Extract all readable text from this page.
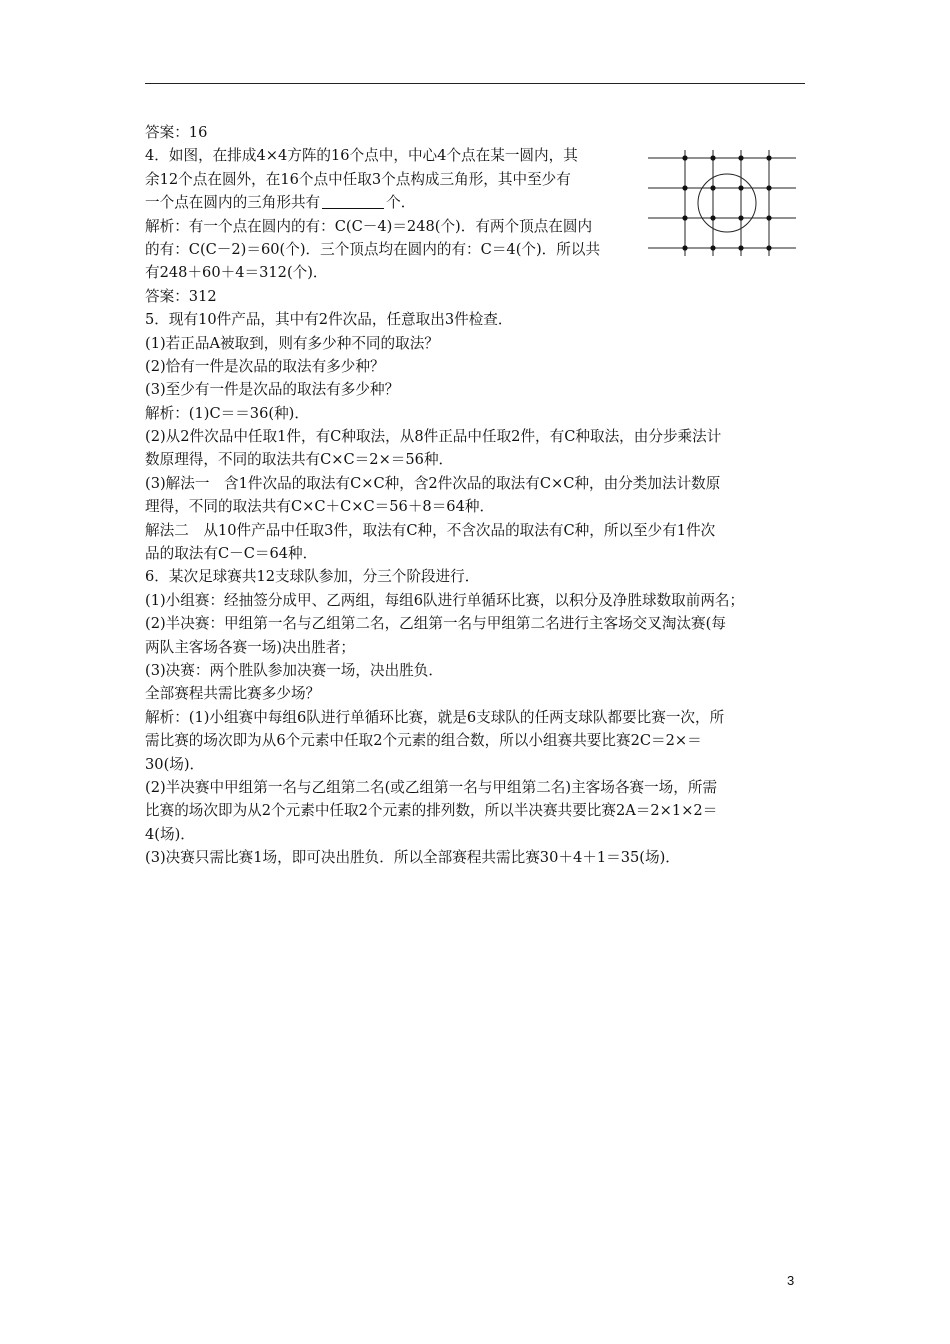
答案：16
4．如图，在排成4×4方阵的16个点中，中心4个点在某一圆内，其
余12个点在圆外，在16个点中任取3个点构成三角形，其中至少有
一个点在圆内的三角形共有	个．
解析：有一个点在圆内的有：C(C－4)＝248(个)．有两个顶点在圆内
的有：C(C－2)＝60(个)．三个顶点均在圆内的有：C＝4(个)．所以共
有248＋60＋4＝312(个)．
答案：312
5．现有10件产品，其中有2件次品，任意取出3件检查．
(1)若正品A被取到，则有多少种不同的取法？
(2)恰有一件是次品的取法有多少种？
(3)至少有一件是次品的取法有多少种？
解析：(1)C＝＝36(种)．
(2)从2件次品中任取1件，有C种取法，从8件正品中任取2件，有C种取法，由分步乘法计
数原理得，不同的取法共有C×C＝2×＝56种．
(3)解法一　含1件次品的取法有C×C种，含2件次品的取法有C×C种，由分类加法计数原
理得，不同的取法共有C×C＋C×C＝56＋8＝64种．
解法二　从10件产品中任取3件，取法有C种，不含次品的取法有C种，所以至少有1件次
品的取法有C－C＝64种．
6．某次足球赛共12支球队参加，分三个阶段进行．
(1)小组赛：经抽签分成甲、乙两组，每组6队进行单循环比赛，以积分及净胜球数取前两名；
(2)半决赛：甲组第一名与乙组第二名，乙组第一名与甲组第二名进行主客场交叉淘汰赛(每
两队主客场各赛一场)决出胜者；
(3)决赛：两个胜队参加决赛一场，决出胜负．
全部赛程共需比赛多少场？
解析：(1)小组赛中每组6队进行单循环比赛，就是6支球队的任两支球队都要比赛一次，所
需比赛的场次即为从6个元素中任取2个元素的组合数，所以小组赛共要比赛2C＝2×＝
30(场)．
(2)半决赛中甲组第一名与乙组第二名(或乙组第一名与甲组第二名)主客场各赛一场，所需
比赛的场次即为从2个元素中任取2个元素的排列数，所以半决赛共要比赛2A＝2×1×2＝
4(场)．
(3)决赛只需比赛1场，即可决出胜负．所以全部赛程共需比赛30＋4＋1＝35(场)．
3
